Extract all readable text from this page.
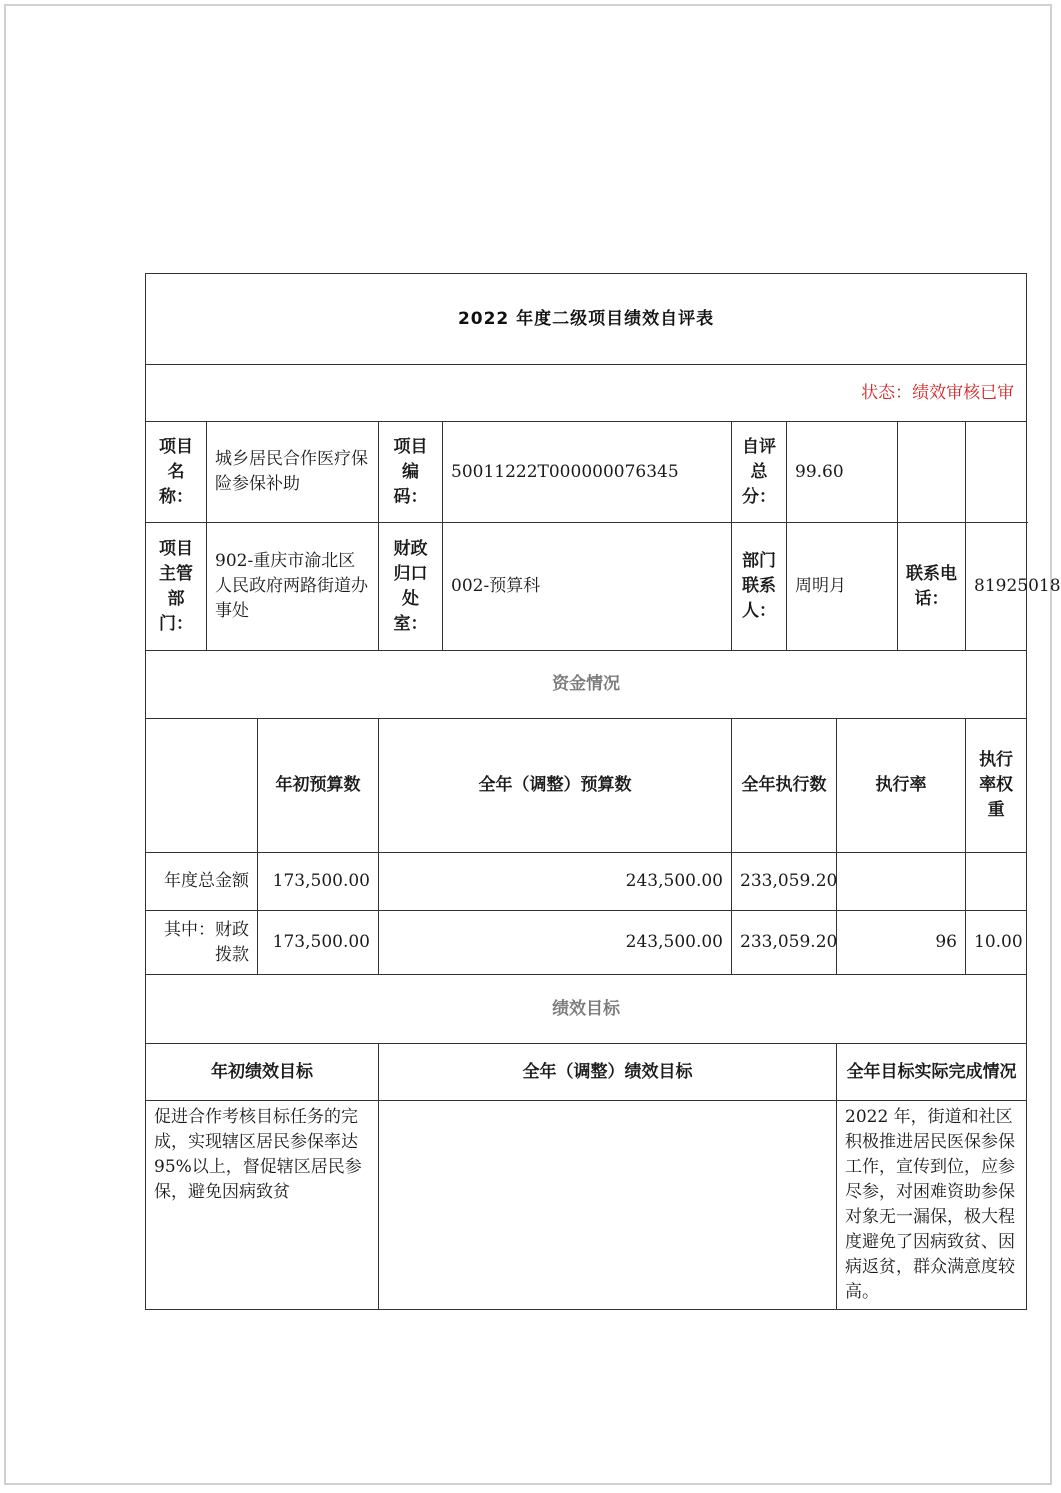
2022 年度二级项目绩效自评表										
状态：绩效审核已审										
项目名称：	城乡居民合作医疗保险参保补助		项目编码：	50011222T000000076345	自评总分：	99.60				
项目主管部门：	902-重庆市渝北区人民政府两路街道办事处		财政归口处室：	002-预算科	部门联系人：	周明月		联系电话：	81925018	
资金情况										
		年初预算数	全年（调整）预算数		全年执行数		执行率		执行率权重	
年度总金额		173,500.00	243,500.00		233,059.20					
其中：财政拨款		173,500.00	243,500.00		233,059.20		96		10.00	
绩效目标										
年初绩效目标			全年（调整）绩效目标				全年目标实际完成情况			
促进合作考核目标任务的完成，实现辖区居民参保率达 95%以上，督促辖区居民参保，避免因病致贫							2022 年，街道和社区积极推进居民医保参保工作，宣传到位，应参尽参，对困难资助参保对象无一漏保，极大程度避免了因病致贫、因病返贫，群众满意度较高。			
